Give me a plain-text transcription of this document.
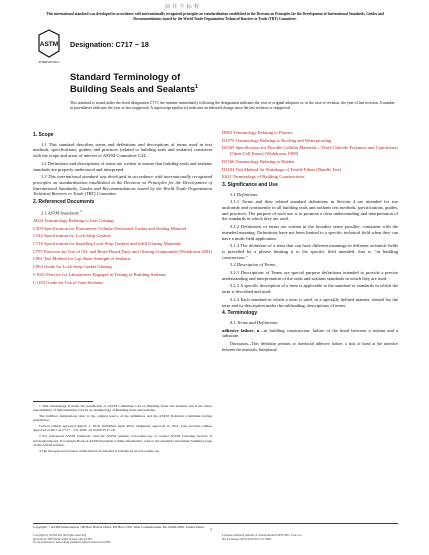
前 什 个 标 程
This international standard was developed in accordance with internationally recognized principles on standardization established in the Decision on Principles for the Development of International Standards, Guides and Recommendations issued by the World Trade Organization Technical Barriers to Trade (TBT) Committee.
ASTM
INTERNATIONAL
Designation: C717 − 18
Standard Terminology of
Building Seals and Sealants$^1$
This standard is issued under the fixed designation C717; the number immediately following the designation indicates the year of original adoption or, in the case of revision, the year of last revision. A number in parentheses indicates the year of last reapproval. A superscript epsilon (ε) indicates an editorial change since the last revision or reapproval.

1. Scope

1.1 This standard describes terms and definitions and descriptions of terms used in text methods, specifications, guides, and practices (related to building seals and sealants) consistent with the scope and areas of interest of ASTM Committee C24.

1.2 Definitions and descriptions of terms are written to ensure that building seals and sealants standards are properly understood and interpreted.

1.3 This international standard was developed in accordance with internationally recognized principles on standardization established in the Decision on Principles for the Development of International Standards, Guides and Recommendations issued by the World Trade Organization Technical Barriers to Trade (TBT) Committee.

2. Referenced Documents

2.1 ASTM Standards:$^2$

A644 Terminology Relating to Iron Castings

C509 Specification for Elastomeric Cellular Preformed Gasket and Sealing Material

C542 Specification for Lock-Strip Gaskets

C716 Specification for Installing Lock-Strip Gaskets and Infill Glazing Materials

C797 Practices for Use of Oil- and Resin-Based Putty and Glazing Compounds (Withdrawn 2002)

C961 Test Method for Lap Shear Strength of Sealants

C964 Guide for Lock-Strip Gasket Glazing

C1021 Practice for Laboratories Engaged in Testing of Building Sealants

C1193 Guide for Use of Joint Sealants

1 This terminology is under the jurisdiction of ASTM Committee C24 on Building Seals and Sealants and is the direct responsibility of Subcommittee C24.10 on Terminology of Building Seals and Sealants.

The boldface designations refer to the original source of the definitions and the ASTM Technical Committee having jurisdiction.

Current edition approved March 1, 2018. Published April 2018. Originally approved in 1972. Last previous edition approved in 2017 as C717 – 17a. DOI: 10.1520/C0717-18.

2 For referenced ASTM standards, visit the ASTM website, www.astm.org, or contact ASTM Customer Service at service@astm.org. For Annual Book of ASTM Standards volume information, refer to the standard’s Document Summary page on the ASTM website.

3 The last approved version of this historical standard is referenced on www.astm.org.

D883 Terminology Relating to Plastics

D1079 Terminology Relating to Roofing and Waterproofing

D1565 Specification for Flexible Cellular Materials—Vinyl Chloride Polymers and Copolymers (Open-Cell Foam) (Withdrawn 1998)

D1566 Terminology Relating to Rubber

D2102 Test Method for Shrinkage of Textile Fibers (Bundle Test)

E631 Terminology of Building Constructions

3. Significance and Use

3.1 Definitions:

3.1.1 Terms and their related standard definitions in Section 4 are intended for use uniformly and consistently in all building seals and sealants test methods, specifications, guides, and practices. The purpose of such use is to promote a clear understanding and interpretation of the standards in which they are used.

3.1.2 Definitions of terms are written in the broadest sense possible, consistent with the intended meaning. Definitions have not been limited to a specific technical field when they can have a multi-field application.

3.1.3 The definition of a term that can have different meanings in different technical fields is preceded by a phrase limiting it to the specific field intended, that is, “in building construction.”

3.2 Description of Terms:

3.2.1 Descriptions of Terms are special purpose definitions intended to provide a precise understanding and interpretation of the seals and sealants standards in which they are used.

3.2.2 A specific description of a term is applicable to the standard or standards in which the term is described and used.

3.2.3 Each standard in which a term is used, in a specially defined manner, should list the term and its description under the subheading, descriptions of terms.

4. Terminology

4.1 Terms and Definitions:

adhesive failure, n—in building construction, failure of the bond between a sealant and a substrate.

Discussion—This definition pertains to interfacial adhesive failure, a lack of bond at the interface between the materials. Interphasal

Copyright © ASTM International, 100 Barr Harbor Drive, PO Box C700, West Conshohocken, PA 19428-2959. United States	1
Copyright by ASTM Int'l (all rights reserved);
Provided by IHS Markit under license with ASTM
No reproduction or networking permitted without license from IHS
Licensee=Zhejiang Institute of Standardization/5959/7001, User=xx, /
Not for Resale, 09/10/2018 02:15:17 MDT
